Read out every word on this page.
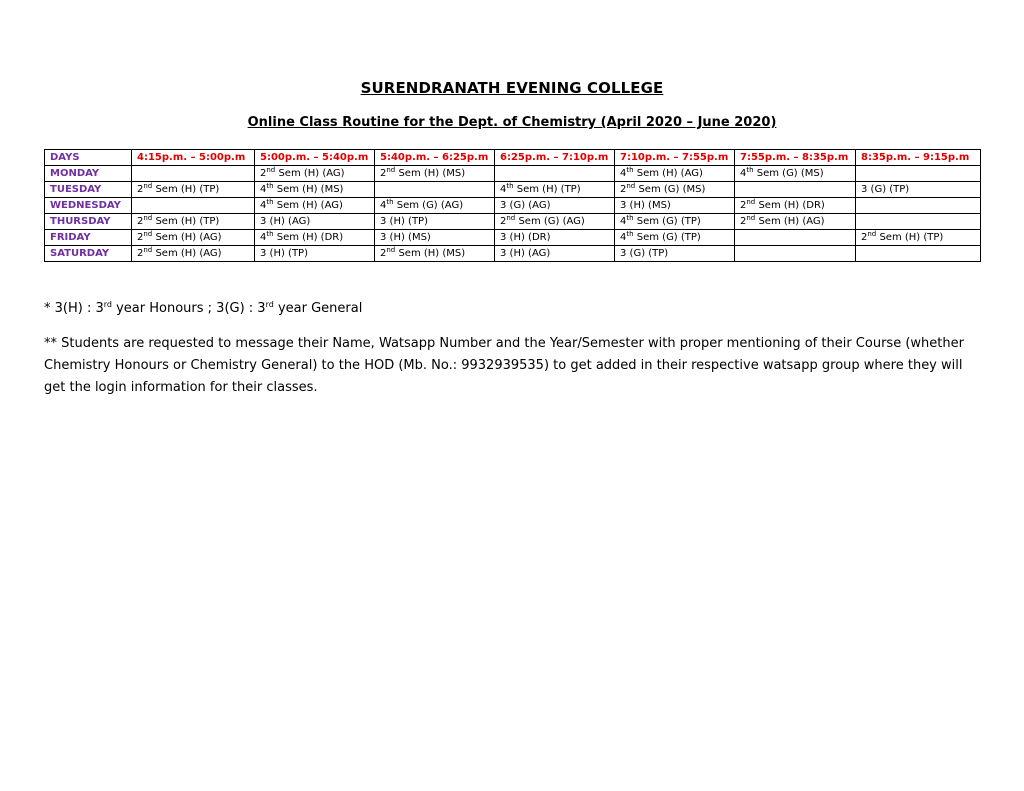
SURENDRANATH EVENING COLLEGE
Online Class Routine for the Dept. of Chemistry (April 2020 – June 2020)
DAYS	4:15p.m. – 5:00p.m	5:00p.m. – 5:40p.m	5:40p.m. – 6:25p.m	6:25p.m. – 7:10p.m	7:10p.m. – 7:55p.m	7:55p.m. – 8:35p.m	8:35p.m. – 9:15p.m
MONDAY		2nd Sem (H) (AG)	2nd Sem (H) (MS)		4th Sem (H) (AG)	4th Sem (G) (MS)	
TUESDAY	2nd Sem (H) (TP)	4th Sem (H) (MS)		4th Sem (H) (TP)	2nd Sem (G) (MS)		3 (G) (TP)
WEDNESDAY		4th Sem (H) (AG)	4th Sem (G) (AG)	3 (G) (AG)	3 (H) (MS)	2nd Sem (H) (DR)	
THURSDAY	2nd Sem (H) (TP)	3 (H) (AG)	3 (H) (TP)	2nd Sem (G) (AG)	4th Sem (G) (TP)	2nd Sem (H) (AG)	
FRIDAY	2nd Sem (H) (AG)	4th Sem (H) (DR)	3 (H) (MS)	3 (H) (DR)	4th Sem (G) (TP)		2nd Sem (H) (TP)
SATURDAY	2nd Sem (H) (AG)	3 (H) (TP)	2nd Sem (H) (MS)	3 (H) (AG)	3 (G) (TP)		
* 3(H) : 3rd year Honours ; 3(G) : 3rd year General
** Students are requested to message their Name, Watsapp Number and the Year/Semester with proper mentioning of their Course (whether Chemistry Honours or Chemistry General) to the HOD (Mb. No.: 9932939535) to get added in their respective watsapp group where they will get the login information for their classes.
